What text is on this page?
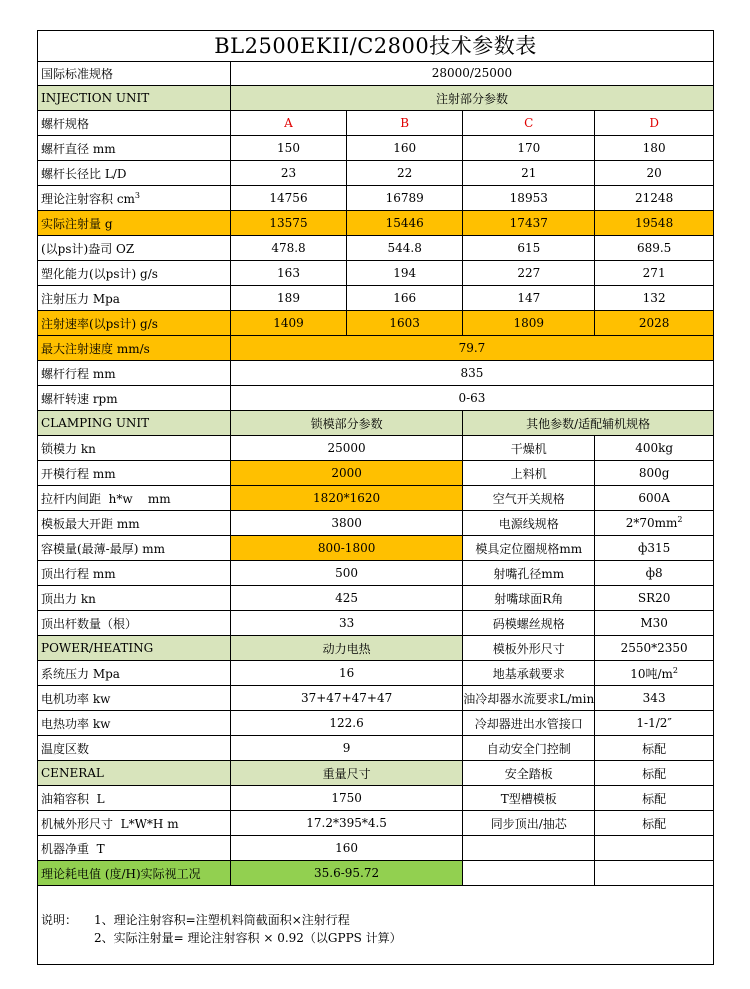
BL2500EKII/C2800技术参数表
国际标准规格	28000/25000			
INJECTION UNIT	注射部分参数			
螺杆规格	A	B	C	D
螺杆直径 mm	150	160	170	180
螺杆长径比 L/D	23	22	21	20
理论注射容积 $cm^3$	14756	16789	18953	21248
实际注射量 g	13575	15446	17437	19548
(以ps计)盎司 OZ	478.8	544.8	615	689.5
塑化能力(以ps计) g/s	163	194	227	271
注射压力 Mpa	189	166	147	132
注射速率(以ps计) g/s	1409	1603	1809	2028
最大注射速度 mm/s	79.7			
螺杆行程 mm	835			
螺杆转速 rpm	0-63			
CLAMPING UNIT	锁模部分参数		其他参数/适配辅机规格	
锁模力 kn	25000		干燥机	400kg
开模行程 mm	2000		上料机	800g
拉杆内间距  h*w    mm	1820*1620		空气开关规格	600A
模板最大开距 mm	3800		电源线规格	$2*70mm^2$
容模量(最薄-最厚) mm	800-1800		模具定位圈规格mm	ф315
顶出行程 mm	500		射嘴孔径mm	ф8
顶出力 kn	425		射嘴球面R角	SR20
顶出杆数量（根）	33		码模螺丝规格	M30
POWER/HEATING	动力电热		模板外形尺寸	2550*2350
系统压力 Mpa	16		地基承载要求	10吨$/m^2$
电机功率 kw	37+47+47+47		油冷却器水流要求L/min	343
电热功率 kw	122.6		冷却器进出水管接口	1-1/2″
温度区数	9		自动安全门控制	标配
CENERAL	重量尺寸		安全踏板	标配
油箱容积  L	1750		T型槽模板	标配
机械外形尺寸  L*W*H m	17.2*395*4.5		同步顶出/抽芯	标配
机器净重  T	160			
理论耗电值 (度/H)实际视工况	35.6-95.72			
说明： 1、理论注射容积=注塑机料筒截面积×注射行程
2、实际注射量= 理论注射容积 × 0.92（以GPPS 计算）
